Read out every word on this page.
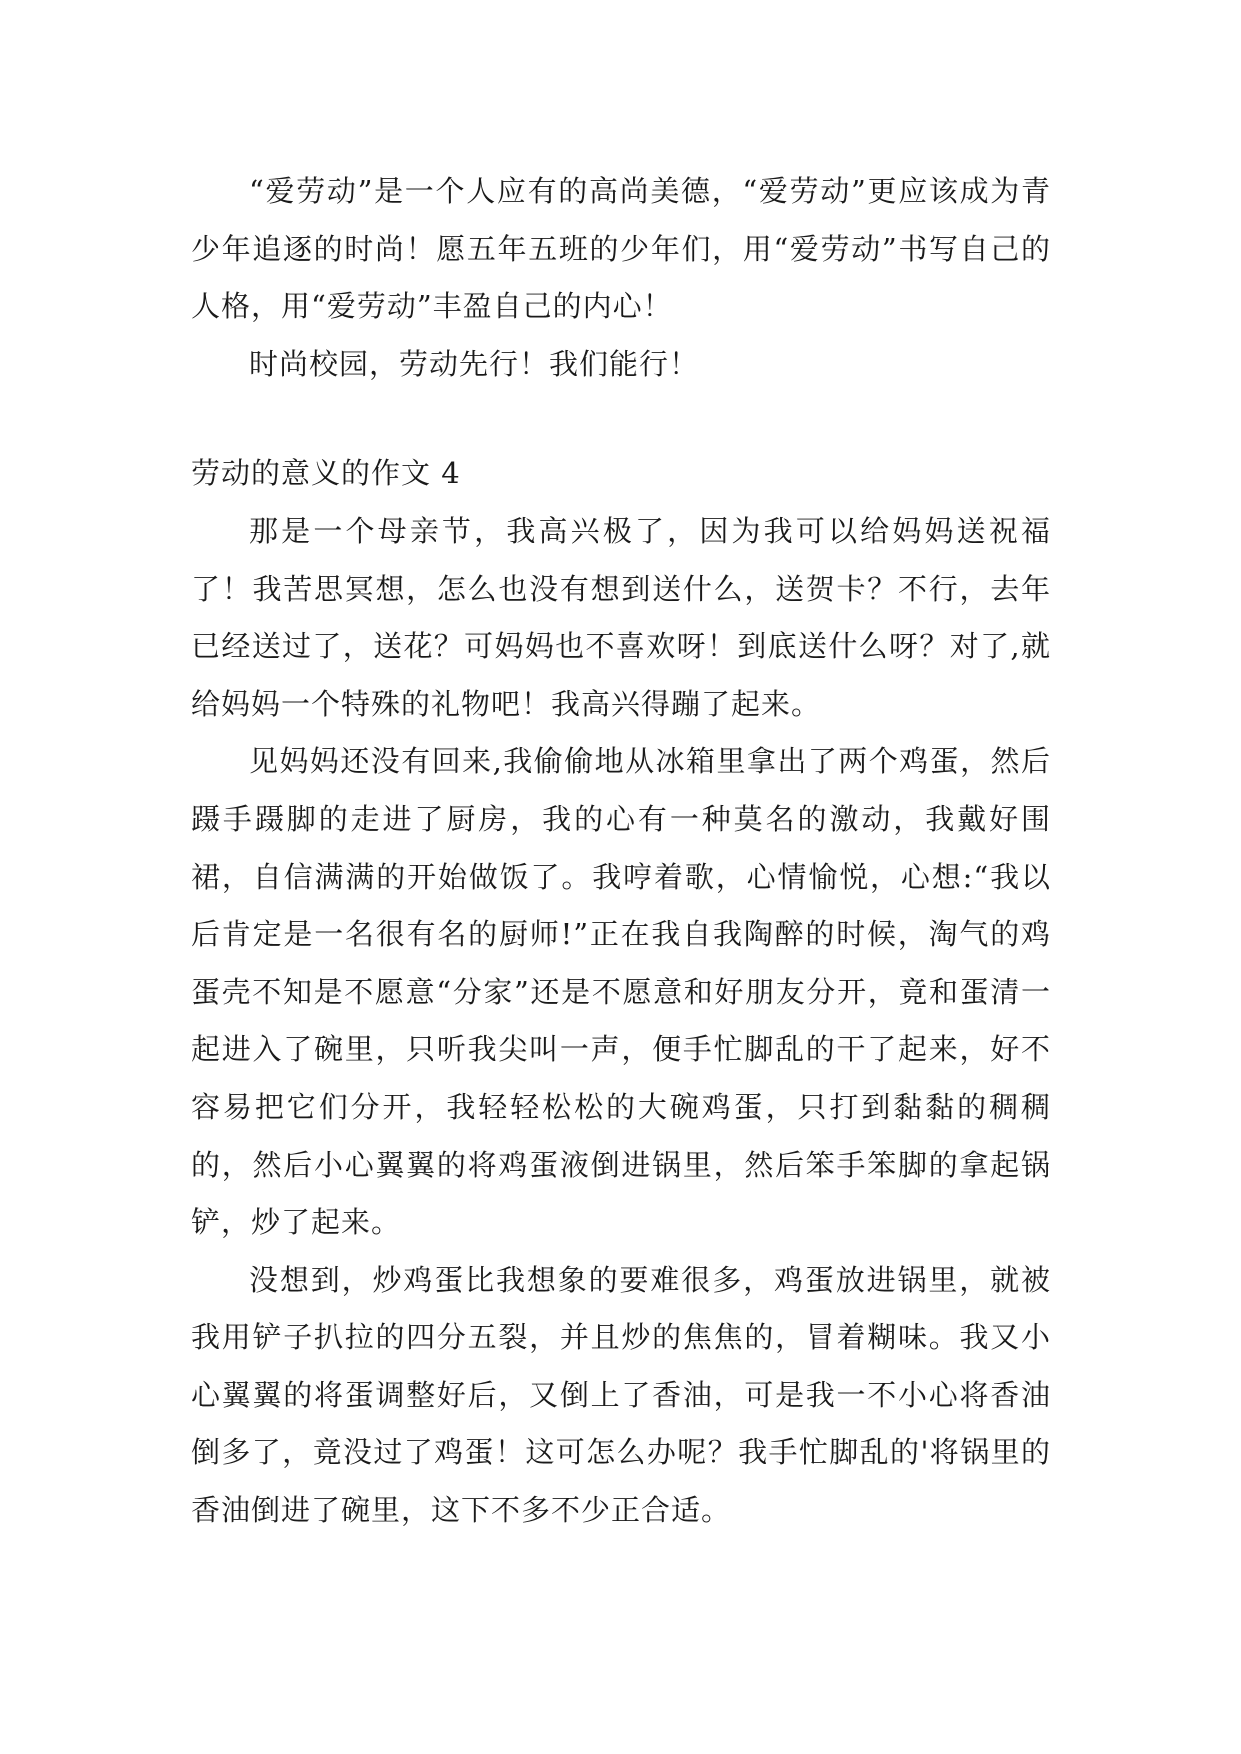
“爱劳动”是一个人应有的高尚美德，“爱劳动”更应该成为青少年追逐的时尚！愿五年五班的少年们，用“爱劳动”书写自己的人格，用“爱劳动”丰盈自己的内心！

时尚校园，劳动先行！我们能行！

劳动的意义的作文 4

那是一个母亲节，我高兴极了，因为我可以给妈妈送祝福了！我苦思冥想，怎么也没有想到送什么，送贺卡？不行，去年已经送过了，送花？可妈妈也不喜欢呀！到底送什么呀？对了,就给妈妈一个特殊的礼物吧！我高兴得蹦了起来。

见妈妈还没有回来,我偷偷地从冰箱里拿出了两个鸡蛋，然后蹑手蹑脚的走进了厨房，我的心有一种莫名的激动，我戴好围裙，自信满满的开始做饭了。我哼着歌，心情愉悦，心想:“我以后肯定是一名很有名的厨师!”正在我自我陶醉的时候，淘气的鸡蛋壳不知是不愿意“分家”还是不愿意和好朋友分开，竟和蛋清一起进入了碗里，只听我尖叫一声，便手忙脚乱的干了起来，好不容易把它们分开，我轻轻松松的大碗鸡蛋，只打到黏黏的稠稠的，然后小心翼翼的将鸡蛋液倒进锅里，然后笨手笨脚的拿起锅铲，炒了起来。

没想到，炒鸡蛋比我想象的要难很多，鸡蛋放进锅里，就被我用铲子扒拉的四分五裂，并且炒的焦焦的，冒着糊味。我又小心翼翼的将蛋调整好后，又倒上了香油，可是我一不小心将香油倒多了，竟没过了鸡蛋！这可怎么办呢？我手忙脚乱的'将锅里的香油倒进了碗里，这下不多不少正合适。
